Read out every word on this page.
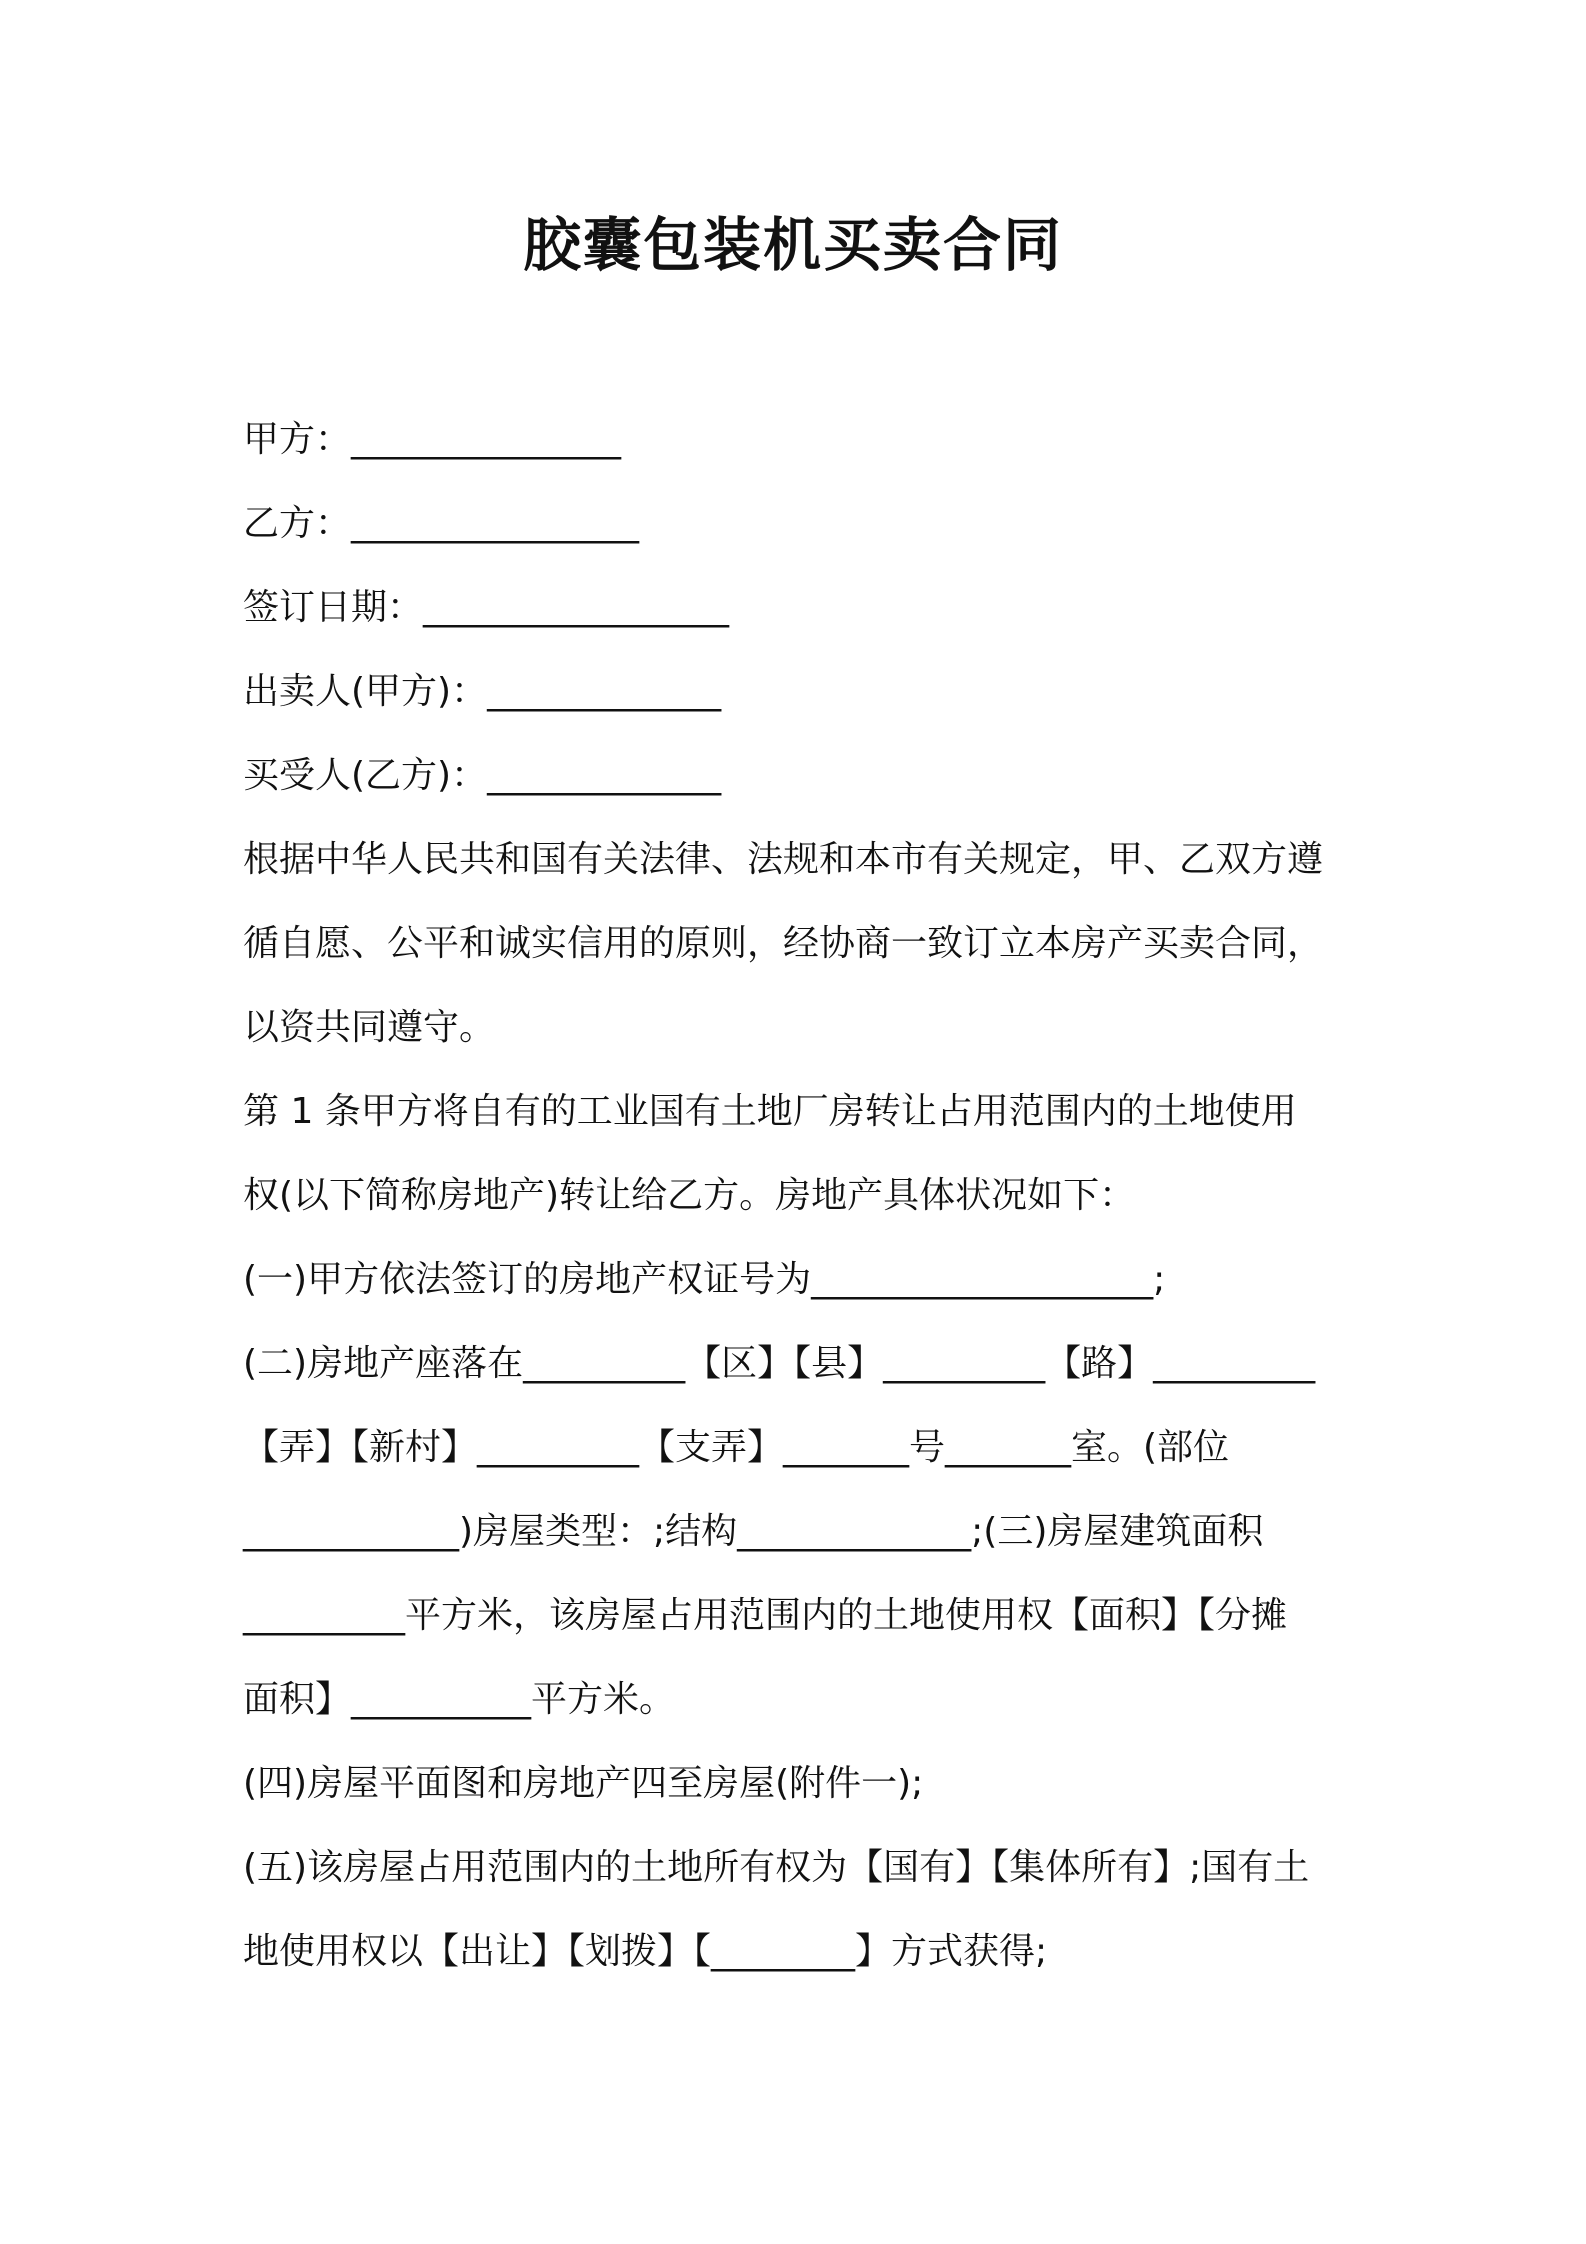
胶囊包装机买卖合同
甲方：_______________
乙方：________________
签订日期：_________________
出卖人(甲方)：_____________
买受人(乙方)：_____________
根据中华人民共和国有关法律、法规和本市有关规定，甲、乙双方遵
循自愿、公平和诚实信用的原则，经协商一致订立本房产买卖合同，
以资共同遵守。
第 1 条甲方将自有的工业国有土地厂房转让占用范围内的土地使用
权(以下简称房地产)转让给乙方。房地产具体状况如下：
(一)甲方依法签订的房地产权证号为___________________;
(二)房地产座落在_________【区】【县】_________【路】_________
【弄】【新村】_________【支弄】_______号_______室。(部位
____________)房屋类型：;结构_____________;(三)房屋建筑面积
_________平方米，该房屋占用范围内的土地使用权【面积】【分摊
面积】__________平方米。
(四)房屋平面图和房地产四至房屋(附件一);
(五)该房屋占用范围内的土地所有权为【国有】【集体所有】;国有土
地使用权以【出让】【划拨】【________】方式获得;
